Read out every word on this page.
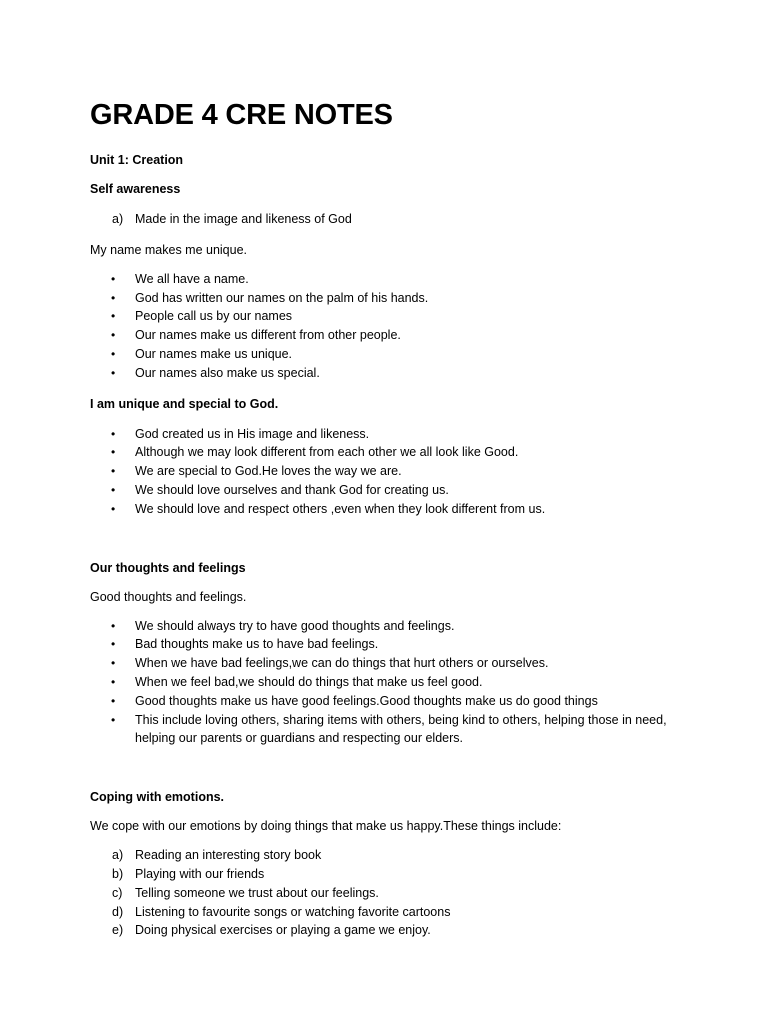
GRADE 4 CRE NOTES

Unit 1: Creation

Self awareness

a) Made in the image and likeness of God

My name makes me unique.

• We all have a name.
• God has written our names on the palm of his hands.
• People call us by our names
• Our names make us different from other people.
• Our names make us unique.
• Our names also make us special.

I am unique and special to God.

• God created us in His image and likeness.
• Although we may look different from each other we all look like Good.
• We are special to God.He loves the way we are.
• We should love ourselves and thank God for creating us.
• We should love and respect others ,even when they look different from us.

Our thoughts and feelings

Good thoughts and feelings.

• We should always try to have good thoughts and feelings.
• Bad thoughts make us to have bad feelings.
• When we have bad feelings,we can do things that hurt others or ourselves.
• When we feel bad,we should do things that make us feel good.
• Good thoughts make us have good feelings.Good thoughts make us do good things
• This include loving others, sharing items with others, being kind to others, helping those in need, helping our parents or guardians and respecting our elders.

Coping with emotions.

We cope with our emotions by doing things that make us happy.These things include:

a) Reading an interesting story book
b) Playing with our friends
c) Telling someone we trust about our feelings.
d) Listening to favourite songs or watching favorite cartoons
e) Doing physical exercises or playing a game we enjoy.
